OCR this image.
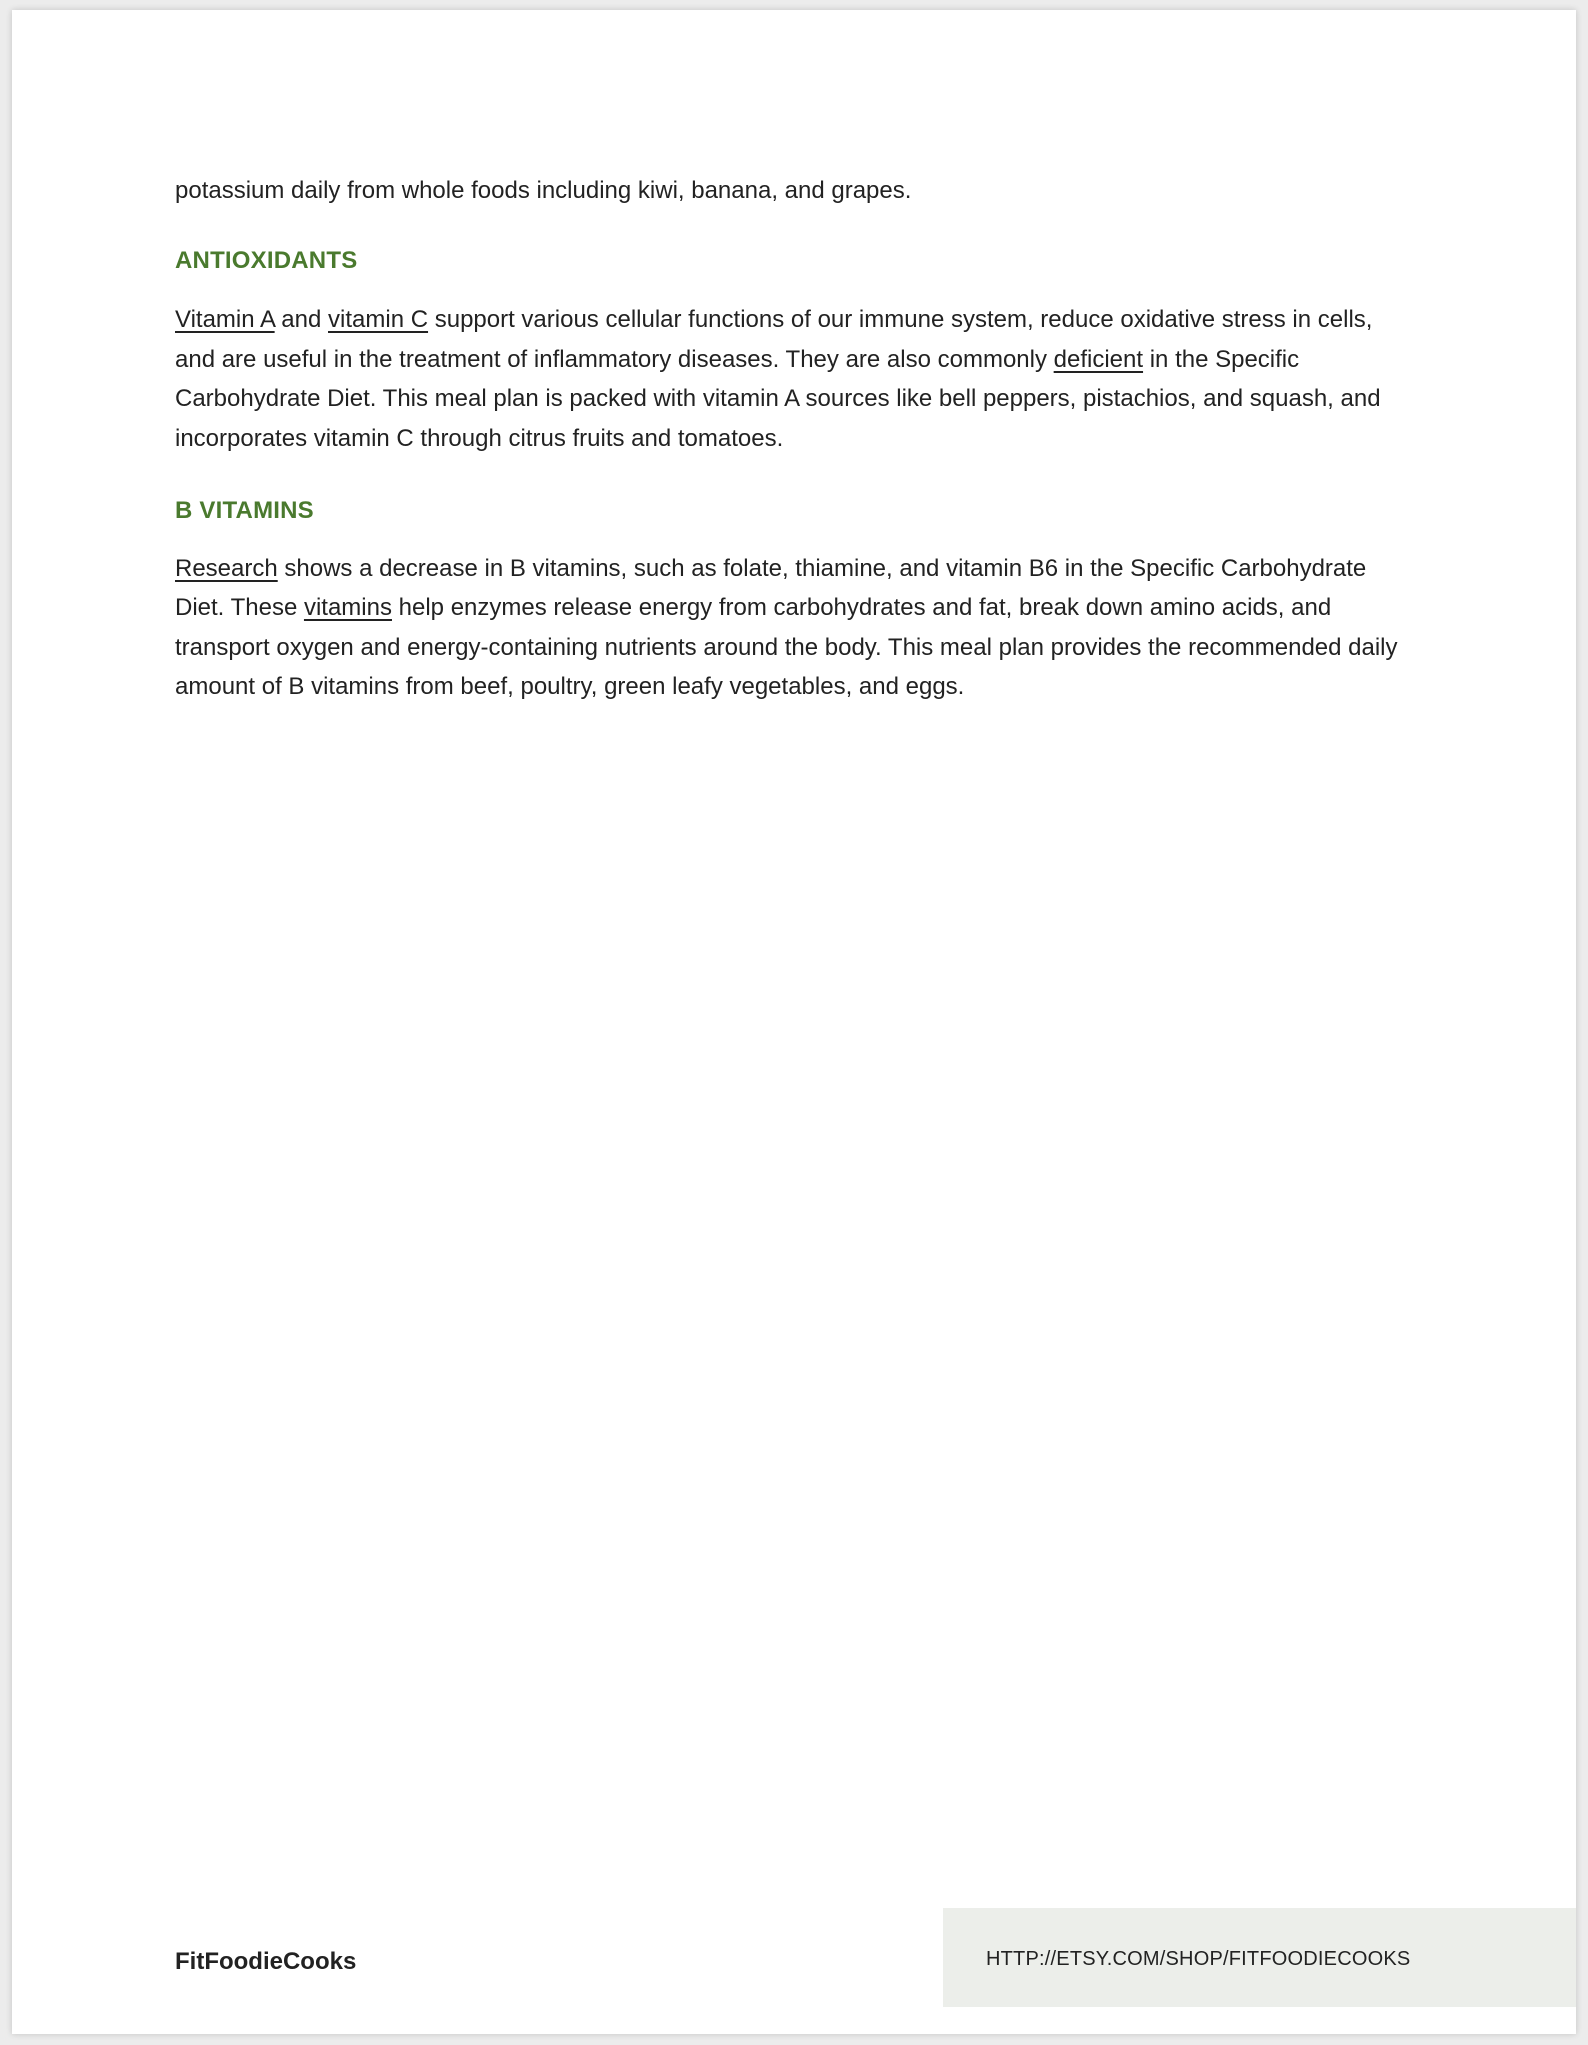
potassium daily from whole foods including kiwi, banana, and grapes.

ANTIOXIDANTS

Vitamin A and vitamin C support various cellular functions of our immune system, reduce oxidative stress in cells, and are useful in the treatment of inflammatory diseases. They are also commonly deficient in the Specific Carbohydrate Diet. This meal plan is packed with vitamin A sources like bell peppers, pistachios, and squash, and incorporates vitamin C through citrus fruits and tomatoes.

B VITAMINS

Research shows a decrease in B vitamins, such as folate, thiamine, and vitamin B6 in the Specific Carbohydrate Diet. These vitamins help enzymes release energy from carbohydrates and fat, break down amino acids, and transport oxygen and energy-containing nutrients around the body. This meal plan provides the recommended daily amount of B vitamins from beef, poultry, green leafy vegetables, and eggs.

FitFoodieCooks	HTTP://ETSY.COM/SHOP/FITFOODIECOOKS
